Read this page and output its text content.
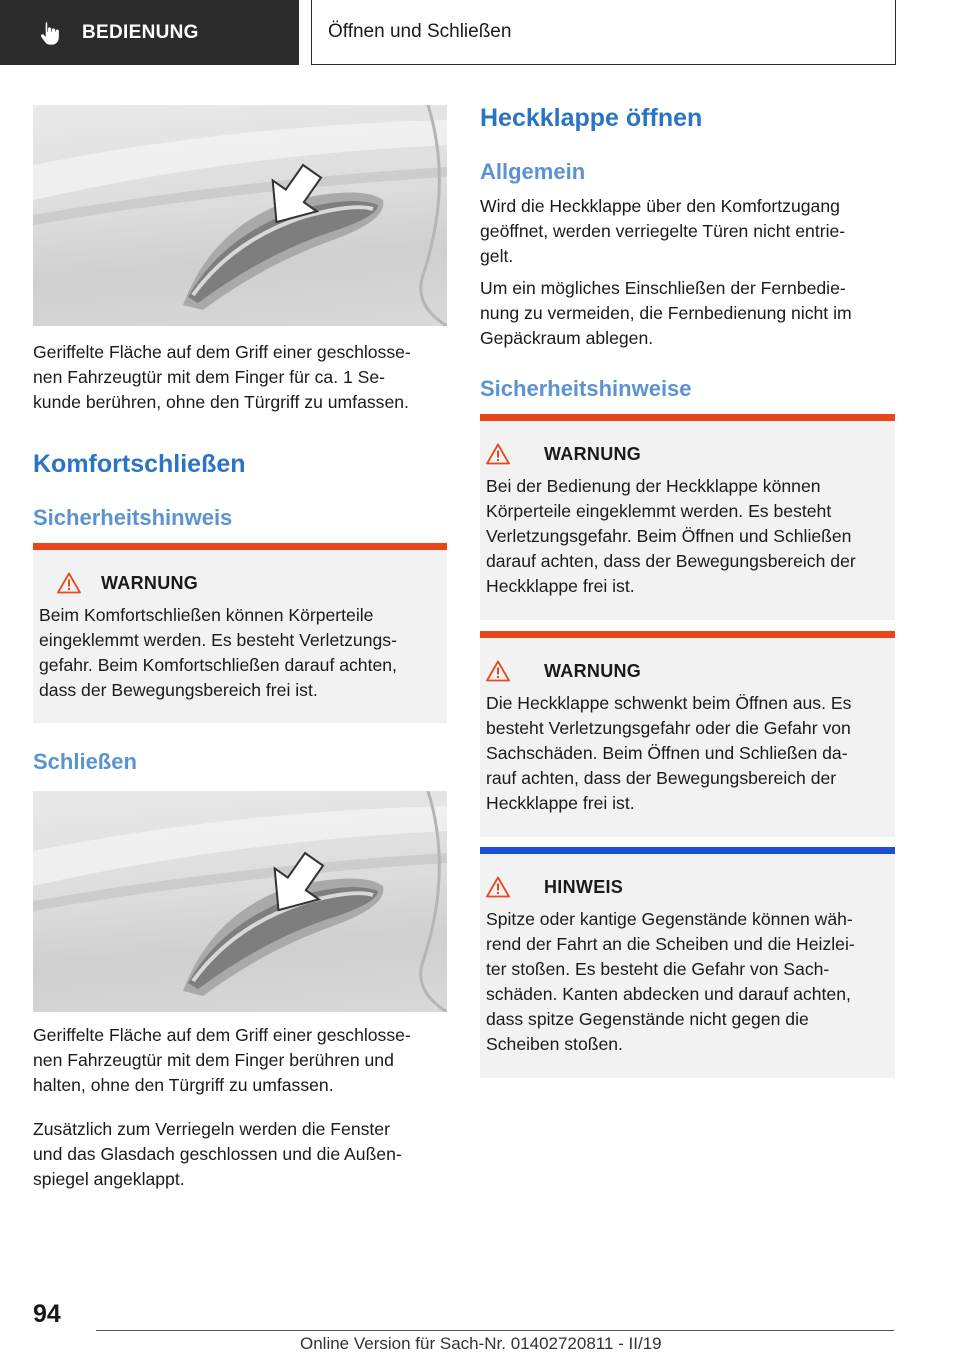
BEDIENUNG	Öffnen und Schließen
Geriffelte Fläche auf dem Griff einer geschlosse-
nen Fahrzeugtür mit dem Finger für ca. 1 Se-
kunde berühren, ohne den Türgriff zu umfassen.
Komfortschließen
Sicherheitshinweis
WARNUNG
Beim Komfortschließen können Körperteile
eingeklemmt werden. Es besteht Verletzungs-
gefahr. Beim Komfortschließen darauf achten,
dass der Bewegungsbereich frei ist.
Schließen
Geriffelte Fläche auf dem Griff einer geschlosse-
nen Fahrzeugtür mit dem Finger berühren und
halten, ohne den Türgriff zu umfassen.
Zusätzlich zum Verriegeln werden die Fenster
und das Glasdach geschlossen und die Außen-
spiegel angeklappt.
Heckklappe öffnen
Allgemein
Wird die Heckklappe über den Komfortzugang
geöffnet, werden verriegelte Türen nicht entrie-
gelt.
Um ein mögliches Einschließen der Fernbedie-
nung zu vermeiden, die Fernbedienung nicht im
Gepäckraum ablegen.
Sicherheitshinweise
WARNUNG
Bei der Bedienung der Heckklappe können
Körperteile eingeklemmt werden. Es besteht
Verletzungsgefahr. Beim Öffnen und Schließen
darauf achten, dass der Bewegungsbereich der
Heckklappe frei ist.
WARNUNG
Die Heckklappe schwenkt beim Öffnen aus. Es
besteht Verletzungsgefahr oder die Gefahr von
Sachschäden. Beim Öffnen und Schließen da-
rauf achten, dass der Bewegungsbereich der
Heckklappe frei ist.
HINWEIS
Spitze oder kantige Gegenstände können wäh-
rend der Fahrt an die Scheiben und die Heizlei-
ter stoßen. Es besteht die Gefahr von Sach-
schäden. Kanten abdecken und darauf achten,
dass spitze Gegenstände nicht gegen die
Scheiben stoßen.
94
Online Version für Sach-Nr. 01402720811 - II/19
